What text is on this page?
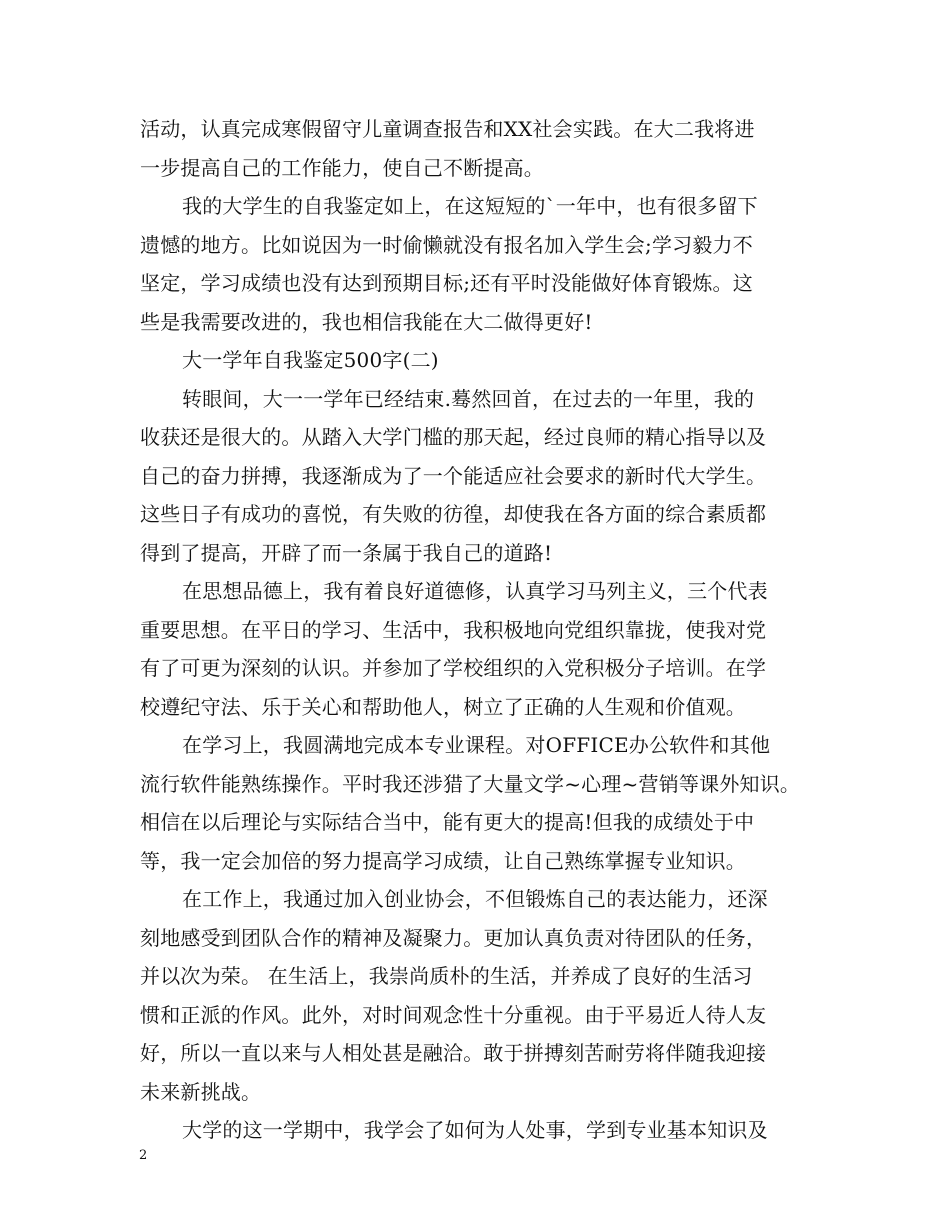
活动，认真完成寒假留守儿童调查报告和XX社会实践。在大二我将进
一步提高自己的工作能力，使自己不断提高。
我的大学生的自我鉴定如上，在这短短的`一年中，也有很多留下
遗憾的地方。比如说因为一时偷懒就没有报名加入学生会;学习毅力不
坚定，学习成绩也没有达到预期目标;还有平时没能做好体育锻炼。这
些是我需要改进的，我也相信我能在大二做得更好!
大一学年自我鉴定500字(二)
转眼间，大一一学年已经结束.蓦然回首，在过去的一年里，我的
收获还是很大的。从踏入大学门槛的那天起，经过良师的精心指导以及
自己的奋力拼搏，我逐渐成为了一个能适应社会要求的新时代大学生。
这些日子有成功的喜悦，有失败的彷徨，却使我在各方面的综合素质都
得到了提高，开辟了而一条属于我自己的道路!
在思想品德上，我有着良好道德修，认真学习马列主义，三个代表
重要思想。在平日的学习、生活中，我积极地向党组织靠拢，使我对党
有了可更为深刻的认识。并参加了学校组织的入党积极分子培训。在学
校遵纪守法、乐于关心和帮助他人，树立了正确的人生观和价值观。
在学习上，我圆满地完成本专业课程。对OFFICE办公软件和其他
流行软件能熟练操作。平时我还涉猎了大量文学~心理~营销等课外知识。
相信在以后理论与实际结合当中，能有更大的提高!但我的成绩处于中
等，我一定会加倍的努力提高学习成绩，让自己熟练掌握专业知识。
在工作上，我通过加入创业协会，不但锻炼自己的表达能力，还深
刻地感受到团队合作的精神及凝聚力。更加认真负责对待团队的任务，
并以次为荣。 在生活上，我崇尚质朴的生活，并养成了良好的生活习
惯和正派的作风。此外，对时间观念性十分重视。由于平易近人待人友
好，所以一直以来与人相处甚是融洽。敢于拼搏刻苦耐劳将伴随我迎接
未来新挑战。
大学的这一学期中，我学会了如何为人处事，学到专业基本知识及
2
